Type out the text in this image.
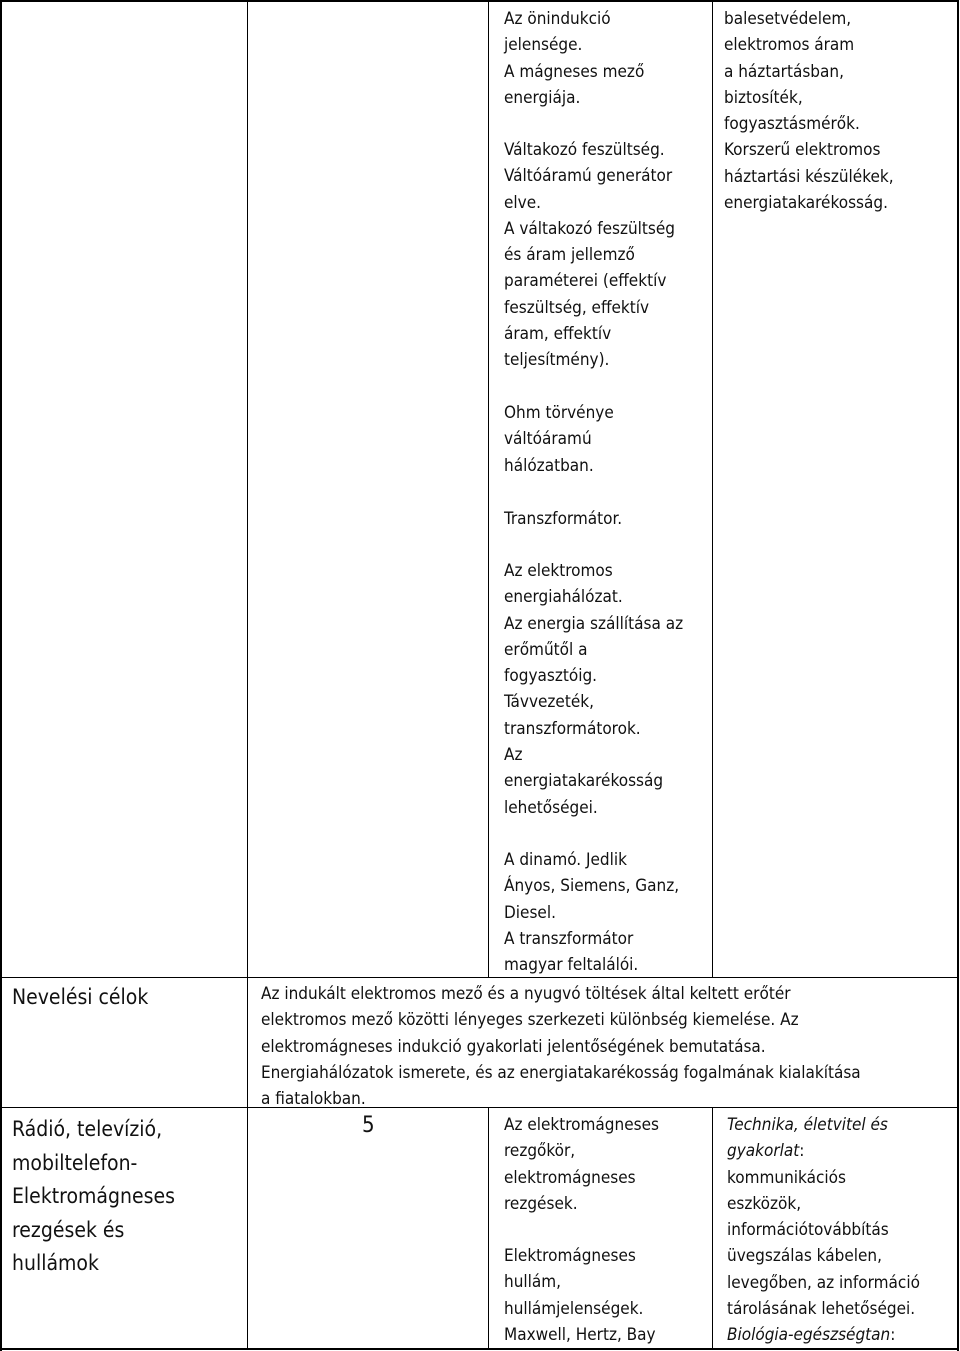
Az önindukció
jelensége.
A mágneses mező
energiája.
Váltakozó feszültség.
Váltóáramú generátor
elve.
A váltakozó feszültség
és áram jellemző
paraméterei (effektív
feszültség, effektív
áram, effektív
teljesítmény).
Ohm törvénye
váltóáramú
hálózatban.
Transzformátor.
Az elektromos
energiahálózat.
Az energia szállítása az
erőműtől a
fogyasztóig.
Távvezeték,
transzformátorok.
Az
energiatakarékosság
lehetőségei.
A dinamó. Jedlik
Ányos, Siemens, Ganz,
Diesel.
A transzformátor
magyar feltalálói.
balesetvédelem,
elektromos áram
a háztartásban,
biztosíték,
fogyasztásmérők.
Korszerű elektromos
háztartási készülékek,
energiatakarékosság.
Nevelési célok	Az indukált elektromos mező és a nyugvó töltések által keltett erőtér
elektromos mező közötti lényeges szerkezeti különbség kiemelése. Az
elektromágneses indukció gyakorlati jelentőségének bemutatása.
Energiahálózatok ismerete, és az energiatakarékosság fogalmának kialakítása
a fiatalokban.
Rádió, televízió,
mobiltelefon-
Elektromágneses
rezgések és
hullámok
5	Az elektromágneses
rezgőkör,
elektromágneses
rezgések.
Elektromágneses
hullám,
hullámjelenségek.
Maxwell, Hertz, Bay
Technika, életvitel és
gyakorlat:
kommunikációs
eszközök,
információtovábbítás
üvegszálas kábelen,
levegőben, az információ
tárolásának lehetőségei.
Biológia-egészségtan:
